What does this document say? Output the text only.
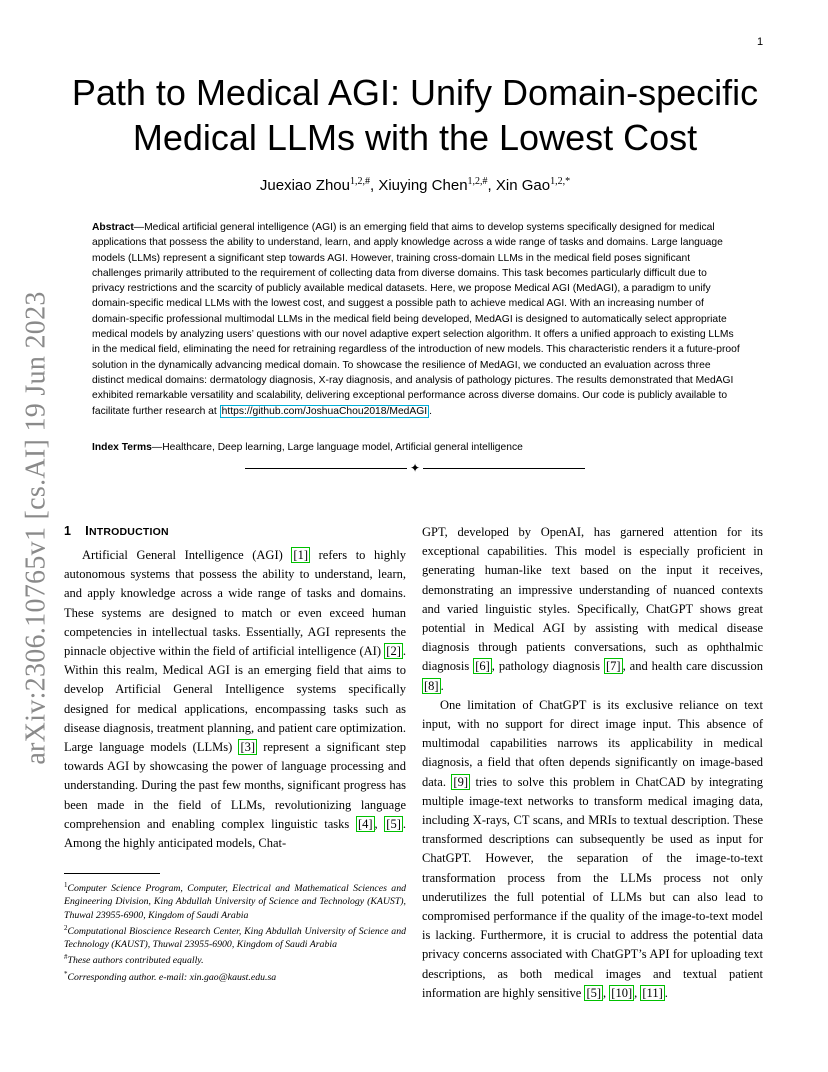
1
arXiv:2306.10765v1 [cs.AI] 19 Jun 2023
Path to Medical AGI: Unify Domain-specific
Medical LLMs with the Lowest Cost
Juexiao Zhou$^{1,2,\#}$, Xiuying Chen$^{1,2,\#}$, Xin Gao$^{1,2,*}$
Abstract—Medical artificial general intelligence (AGI) is an emerging field that aims to develop systems specifically designed for medical applications that possess the ability to understand, learn, and apply knowledge across a wide range of tasks and domains. Large language models (LLMs) represent a significant step towards AGI. However, training cross-domain LLMs in the medical field poses significant challenges primarily attributed to the requirement of collecting data from diverse domains. This task becomes particularly difficult due to privacy restrictions and the scarcity of publicly available medical datasets. Here, we propose Medical AGI (MedAGI), a paradigm to unify domain-specific medical LLMs with the lowest cost, and suggest a possible path to achieve medical AGI. With an increasing number of domain-specific professional multimodal LLMs in the medical field being developed, MedAGI is designed to automatically select appropriate medical models by analyzing users’ questions with our novel adaptive expert selection algorithm. It offers a unified approach to existing LLMs in the medical field, eliminating the need for retraining regardless of the introduction of new models. This characteristic renders it a future-proof solution in the dynamically advancing medical domain. To showcase the resilience of MedAGI, we conducted an evaluation across three distinct medical domains: dermatology diagnosis, X-ray diagnosis, and analysis of pathology pictures. The results demonstrated that MedAGI exhibited remarkable versatility and scalability, delivering exceptional performance across diverse domains. Our code is publicly available to facilitate further research at https://github.com/JoshuaChou2018/MedAGI .
Index Terms—Healthcare, Deep learning, Large language model, Artificial general intelligence
✦
1 INTRODUCTION

Artificial General Intelligence (AGI) [1] refers to highly autonomous systems that possess the ability to understand, learn, and apply knowledge across a wide range of tasks and domains. These systems are designed to match or even exceed human competencies in intellectual tasks. Essentially, AGI represents the pinnacle objective within the field of artificial intelligence (AI) [2] . Within this realm, Medical AGI is an emerging field that aims to develop Artificial General Intelligence systems specifically designed for medical applications, encompassing tasks such as disease diagnosis, treatment planning, and patient care optimization. Large language models (LLMs) [3] represent a significant step towards AGI by showcasing the power of language processing and understanding. During the past few months, significant progress has been made in the field of LLMs, revolutionizing language comprehension and enabling complex linguistic tasks [4] , [5] . Among the highly anticipated models, Chat-

$^1$Computer Science Program, Computer, Electrical and Mathematical Sciences and Engineering Division, King Abdullah University of Science and Technology (KAUST), Thuwal 23955-6900, Kingdom of Saudi Arabia

$^2$Computational Bioscience Research Center, King Abdullah University of Science and Technology (KAUST), Thuwal 23955-6900, Kingdom of Saudi Arabia

#These authors contributed equally.

*Corresponding author. e-mail: xin.gao@kaust.edu.sa

GPT, developed by OpenAI, has garnered attention for its exceptional capabilities. This model is especially proficient in generating human-like text based on the input it receives, demonstrating an impressive understanding of nuanced contexts and varied linguistic styles. Specifically, ChatGPT shows great potential in Medical AGI by assisting with medical disease diagnosis through patients conversations, such as ophthalmic diagnosis [6] , pathology diagnosis [7] , and health care discussion [8] .

One limitation of ChatGPT is its exclusive reliance on text input, with no support for direct image input. This absence of multimodal capabilities narrows its applicability in medical diagnosis, a field that often depends significantly on image-based data. [9] tries to solve this problem in ChatCAD by integrating multiple image-text networks to transform medical imaging data, including X-rays, CT scans, and MRIs to textual description. These transformed descriptions can subsequently be used as input for ChatGPT. However, the separation of the image-to-text transformation process from the LLMs process not only underutilizes the full potential of LLMs but can also lead to compromised performance if the quality of the image-to-text model is lacking. Furthermore, it is crucial to address the potential data privacy concerns associated with ChatGPT’s API for uploading text descriptions, as both medical images and textual patient information are highly sensitive [5] , [10] , [11] .
